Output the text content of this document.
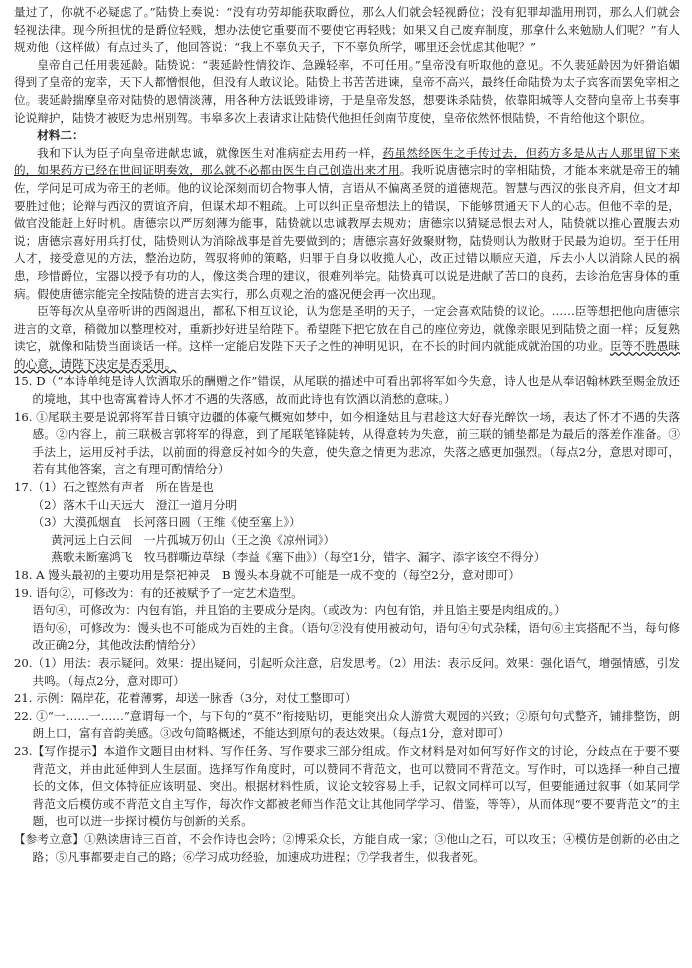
量过了，你就不必疑虑了。”陆贽上奏说：“没有功劳却能获取爵位，那么人们就会轻视爵位；没有犯罪却滥用刑罚，那么人们就会轻视法律。现今所担忧的是爵位轻贱，想办法使它重要而不要使它再轻贱；如果又自己废弃制度，那拿什么来勉励人们呢？”有人规劝他（这样做）有点过头了，他回答说：“我上不辜负天子，下不辜负所学，哪里还会忧虑其他呢？”

皇帝自己任用裴延龄。陆贽说：“裴延龄性情狡诈、急躁轻率，不可任用。”皇帝没有听取他的意见。不久裴延龄因为奸猾谄媚得到了皇帝的宠幸，天下人都憎恨他，但没有人敢议论。陆贽上书苦苦进谏，皇帝不高兴，最终任命陆贽为太子宾客而罢免宰相之位。裴延龄揣摩皇帝对陆贽的恩情淡薄，用各种方法诋毁诽谤，于是皇帝发怒，想要诛杀陆贽，依靠阳城等人交替向皇帝上书奏事论说辩护，陆贽才被贬为忠州别驾。韦皋多次上表请求让陆贽代他担任剑南节度使，皇帝依然怀恨陆贽，不肯给他这个职位。

材料二：

我和下认为臣子向皇帝进献忠诚，就像医生对准病症去用药一样，药虽然经医生之手传过去，但药方多是从古人那里留下来的，如果药方已经在世间证明奏效，那么就不必都由医生自己创造出来才用。我听说唐德宗时的宰相陆贽，才能本来就是帝王的辅佐，学问足可成为帝王的老师。他的议论深刻而切合物事人情，言语从不偏离圣贤的道德规范。智慧与西汉的张良齐肩，但文才却要胜过他；论辩与西汉的贾谊齐肩，但谋术却不粗疏。上可以纠正皇帝想法上的错误，下能够贯通天下人的心志。但他不幸的是，做官没能赶上好时机。唐德宗以严厉刻薄为能事，陆贽就以忠诚教厚去规劝；唐德宗以猜疑忌恨去对人，陆贽就以推心置腹去劝说；唐德宗喜好用兵打仗，陆贽则认为消除战事是首先要做到的；唐德宗喜好敛聚财物，陆贽则认为散财于民最为迫切。至于任用人才，接受意见的方法，整治边防，驾驭将帅的策略，归罪于自身以收揽人心，改正过错以顺应天道，斥去小人以消除人民的祸患，珍惜爵位，宝器以授予有功的人，像这类合理的建议，很难列举完。陆贽真可以说是进献了苦口的良药，去诊治危害身体的重病。假使唐德宗能完全按陆贽的进言去实行，那么贞观之治的盛况便会再一次出现。

臣等每次从皇帝听讲的西阁退出，都私下相互议论，认为您是圣明的天子，一定会喜欢陆贽的议论。……臣等想把他向唐德宗进言的文章，稍微加以整理校对，重新抄好进呈给陛下。希望陛下把它放在自己的座位旁边，就像亲眼见到陆贽之面一样；反复熟读它，就像和陆贽当面谈话一样。这样一定能启发陛下天子之性的神明见识，在不长的时间内就能成就治国的功业。臣等不胜愚昧的心意，请陛下决定是否采用。

15. D（“本诗单纯是诗人饮酒取乐的酬赠之作”错误，从尾联的描述中可看出郭将军如今失意，诗人也是从奉诏翰林跌至赐金放还的境地，其中也寄寓着诗人怀才不遇的失落感，故而此诗也有饮酒以消愁的意味。）

16. ①尾联主要是说郭将军昔日镇守边疆的体豪气概宛如梦中，如今相逢姑且与君趁这大好春光醉饮一场，表达了怀才不遇的失落感。②内容上，前三联极言郭将军的得意，到了尾联笔锋陡转，从得意转为失意，前三联的铺垫都是为最后的落差作准备。③手法上，运用反衬手法，以前面的得意反衬如今的失意，使失意之情更为悲凉，失落之感更加强烈。（每点2分，意思对即可，若有其他答案，言之有理可酌情给分）

17.（1）石之铿然有声者　所在皆是也

（2）落木千山天远大　澄江一道月分明

（3）大漠孤烟直　长河落日圆（王维《使至塞上》）

黄河远上白云间　一片孤城万仞山（王之涣《凉州词》）

燕歌未断塞鸿飞　牧马群嘶边草绿（李益《塞下曲》）（每空1分，错字、漏字、添字该空不得分）

18. A 馒头最初的主要功用是祭祀神灵　B 馒头本身就不可能是一成不变的（每空2分，意对即可）

19. 语句②，可修改为：有的还被赋予了一定艺术造型。

语句④，可修改为：内包有馅，并且馅的主要成分是肉。（或改为：内包有馅，并且馅主要是肉组成的。）

语句⑥，可修改为：馒头也不可能成为百姓的主食。（语句②没有使用被动句，语句④句式杂糅，语句⑥主宾搭配不当，每句修改正确2分，其他改法酌情给分）

20.（1）用法：表示疑问。效果：提出疑问，引起听众注意，启发思考。（2）用法：表示反问。效果：强化语气，增强情感，引发共鸣。（每点2分，意对即可）

21. 示例：隔岸花，花着薄雾，却送一脉香（3分，对仗工整即可）

22. ①“一……一……”意谓每一个，与下句的“莫不”衔接贴切，更能突出众人游赏大观园的兴致；②原句句式整齐，铺排整饬，朗朗上口，富有音韵美感。③改句简略概述，不能达到原句的表达效果。（每点1分，意对即可）

23.【写作提示】本道作文题目由材料、写作任务、写作要求三部分组成。作文材料是对如何写好作文的讨论，分歧点在于要不要背范文，并由此延伸到人生层面。选择写作角度时，可以赞同不背范文，也可以赞同不背范文。写作时，可以选择一种自己擅长的文体，但文体特征应该明显、突出。根据材料性质，议论文较容易上手，记叙文同样可以写，但要能通过叙事（如某同学背范文后模仿或不背范文自主写作，每次作文都被老师当作范文让其他同学学习、借鉴，等等），从而体现“要不要背范文”的主题，也可以进一步探讨模仿与创新的关系。

【参考立意】①熟读唐诗三百首，不会作诗也会吟；②博采众长，方能自成一家；③他山之石，可以攻玉；④模仿是创新的必由之路；⑤凡事都要走自己的路；⑥学习成功经验，加速成功进程；⑦学我者生，似我者死。
